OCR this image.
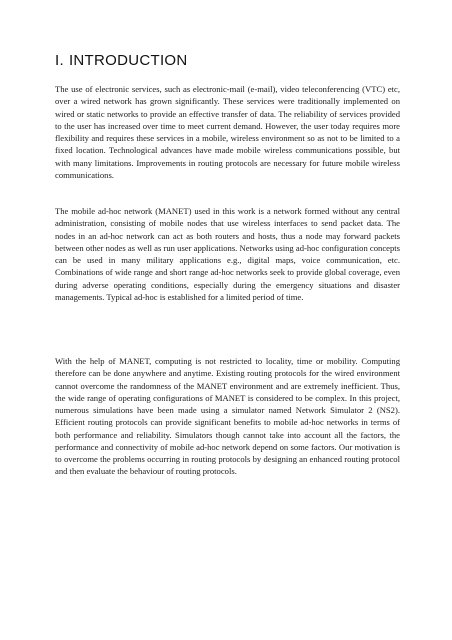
I. INTRODUCTION

The use of electronic services, such as electronic-mail (e-mail), video teleconferencing (VTC) etc, over a wired network has grown significantly. These services were traditionally implemented on wired or static networks to provide an effective transfer of data. The reliability of services provided to the user has increased over time to meet current demand. However, the user today requires more flexibility and requires these services in a mobile, wireless environment so as not to be limited to a fixed location. Technological advances have made mobile wireless communications possible, but with many limitations. Improvements in routing protocols are necessary for future mobile wireless communications.

The mobile ad-hoc network (MANET) used in this work is a network formed without any central administration, consisting of mobile nodes that use wireless interfaces to send packet data. The nodes in an ad-hoc network can act as both routers and hosts, thus a node may forward packets between other nodes as well as run user applications. Networks using ad-hoc configuration concepts can be used in many military applications e.g., digital maps, voice communication, etc. Combinations of wide range and short range ad-hoc networks seek to provide global coverage, even during adverse operating conditions, especially during the emergency situations and disaster managements. Typical ad-hoc is established for a limited period of time.

With the help of MANET, computing is not restricted to locality, time or mobility. Computing therefore can be done anywhere and anytime. Existing routing protocols for the wired environment cannot overcome the randomness of the MANET environment and are extremely inefficient. Thus, the wide range of operating configurations of MANET is considered to be complex. In this project, numerous simulations have been made using a simulator named Network Simulator 2 (NS2). Efficient routing protocols can provide significant benefits to mobile ad-hoc networks in terms of both performance and reliability. Simulators though cannot take into account all the factors, the performance and connectivity of mobile ad-hoc network depend on some factors. Our motivation is to overcome the problems occurring in routing protocols by designing an enhanced routing protocol and then evaluate the behaviour of routing protocols.
